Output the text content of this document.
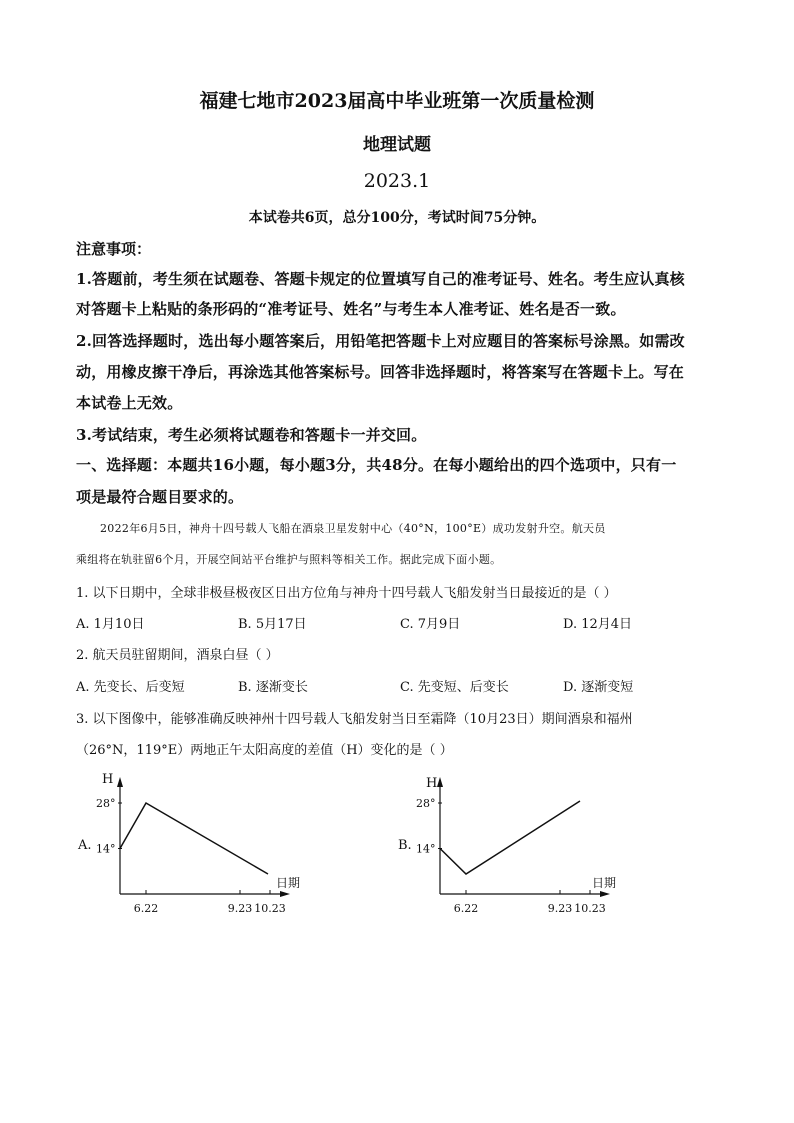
福建七地市2023届高中毕业班第一次质量检测
地理试题
2023.1
本试卷共6页，总分100分，考试时间75分钟。
注意事项：
1.答题前，考生须在试题卷、答题卡规定的位置填写自己的准考证号、姓名。考生应认真核
对答题卡上粘贴的条形码的“准考证号、姓名”与考生本人准考证、姓名是否一致。
2.回答选择题时，选出每小题答案后，用铅笔把答题卡上对应题目的答案标号涂黑。如需改
动，用橡皮擦干净后，再涂选其他答案标号。回答非选择题时，将答案写在答题卡上。写在
本试卷上无效。
3.考试结束，考生必须将试题卷和答题卡一并交回。
一、选择题：本题共16小题，每小题3分，共48分。在每小题给出的四个选项中，只有一
项是最符合题目要求的。
2022年6月5日，神舟十四号载人飞船在酒泉卫星发射中心（40°N，100°E）成功发射升空。航天员
乘组将在轨驻留6个月，开展空间站平台维护与照料等相关工作。据此完成下面小题。
1. 以下日期中，全球非极昼极夜区日出方位角与神舟十四号载人飞船发射当日最接近的是（ ）
A. 1月10日	B. 5月17日	C. 7月9日	D. 12月4日
2. 航天员驻留期间，酒泉白昼（ ）
A. 先变长、后变短	B. 逐渐变长	C. 先变短、后变长	D. 逐渐变短
3. 以下图像中，能够准确反映神州十四号载人飞船发射当日至霜降（10月23日）期间酒泉和福州
（26°N，119°E）两地正午太阳高度的差值（H）变化的是（ ）
A.
H
日期
28°
14°
6.22	9.23 10.23
B.
H
日期
28°
14°
6.22	9.23 10.23
